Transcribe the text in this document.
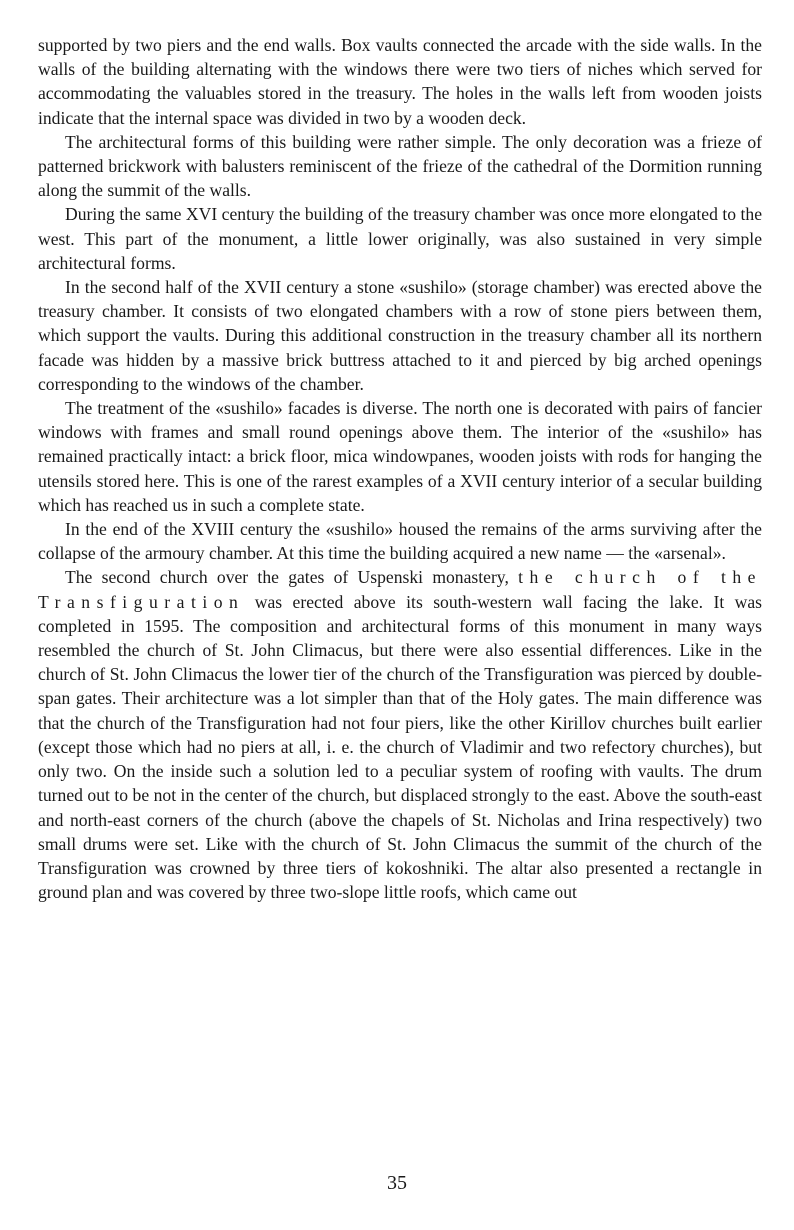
supported by two piers and the end walls. Box vaults connected the arcade with the side walls. In the walls of the building alternating with the windows there were two tiers of niches which served for accommodating the valuables stored in the treasury. The holes in the walls left from wooden joists indicate that the internal space was divided in two by a wooden deck.

The architectural forms of this building were rather simple. The only decoration was a frieze of patterned brickwork with balusters reminiscent of the frieze of the cathedral of the Dormition running along the summit of the walls.

During the same XVI century the building of the treasury chamber was once more elongated to the west. This part of the monument, a little lower originally, was also sustained in very simple architectural forms.

In the second half of the XVII century a stone «sushilo» (storage chamber) was erected above the treasury chamber. It consists of two elongated chambers with a row of stone piers between them, which support the vaults. During this additional construction in the treasury chamber all its northern facade was hidden by a massive brick buttress attached to it and pierced by big arched openings corresponding to the windows of the chamber.

The treatment of the «sushilo» facades is diverse. The north one is decorated with pairs of fancier windows with frames and small round openings above them. The interior of the «sushilo» has remained practically intact: a brick floor, mica windowpanes, wooden joists with rods for hanging the utensils stored here. This is one of the rarest examples of a XVII century interior of a secular building which has reached us in such a complete state.

In the end of the XVIII century the «sushilo» housed the remains of the arms surviving after the collapse of the armoury chamber. At this time the building acquired a new name — the «arsenal».

The second church over the gates of Uspenski monastery, the church of the Transfiguration was erected above its south-western wall facing the lake. It was completed in 1595. The composition and architectural forms of this monument in many ways resembled the church of St. John Climacus, but there were also essential differences. Like in the church of St. John Climacus the lower tier of the church of the Transfiguration was pierced by double-span gates. Their architecture was a lot simpler than that of the Holy gates. The main difference was that the church of the Transfiguration had not four piers, like the other Kirillov churches built earlier (except those which had no piers at all, i. e. the church of Vladimir and two refectory churches), but only two. On the inside such a solution led to a peculiar system of roofing with vaults. The drum turned out to be not in the center of the church, but displaced strongly to the east. Above the south-east and north-east corners of the church (above the chapels of St. Nicholas and Irina respectively) two small drums were set. Like with the church of St. John Climacus the summit of the church of the Transfiguration was crowned by three tiers of kokoshniki. The altar also presented a rectangle in ground plan and was covered by three two-slope little roofs, which came out

35
